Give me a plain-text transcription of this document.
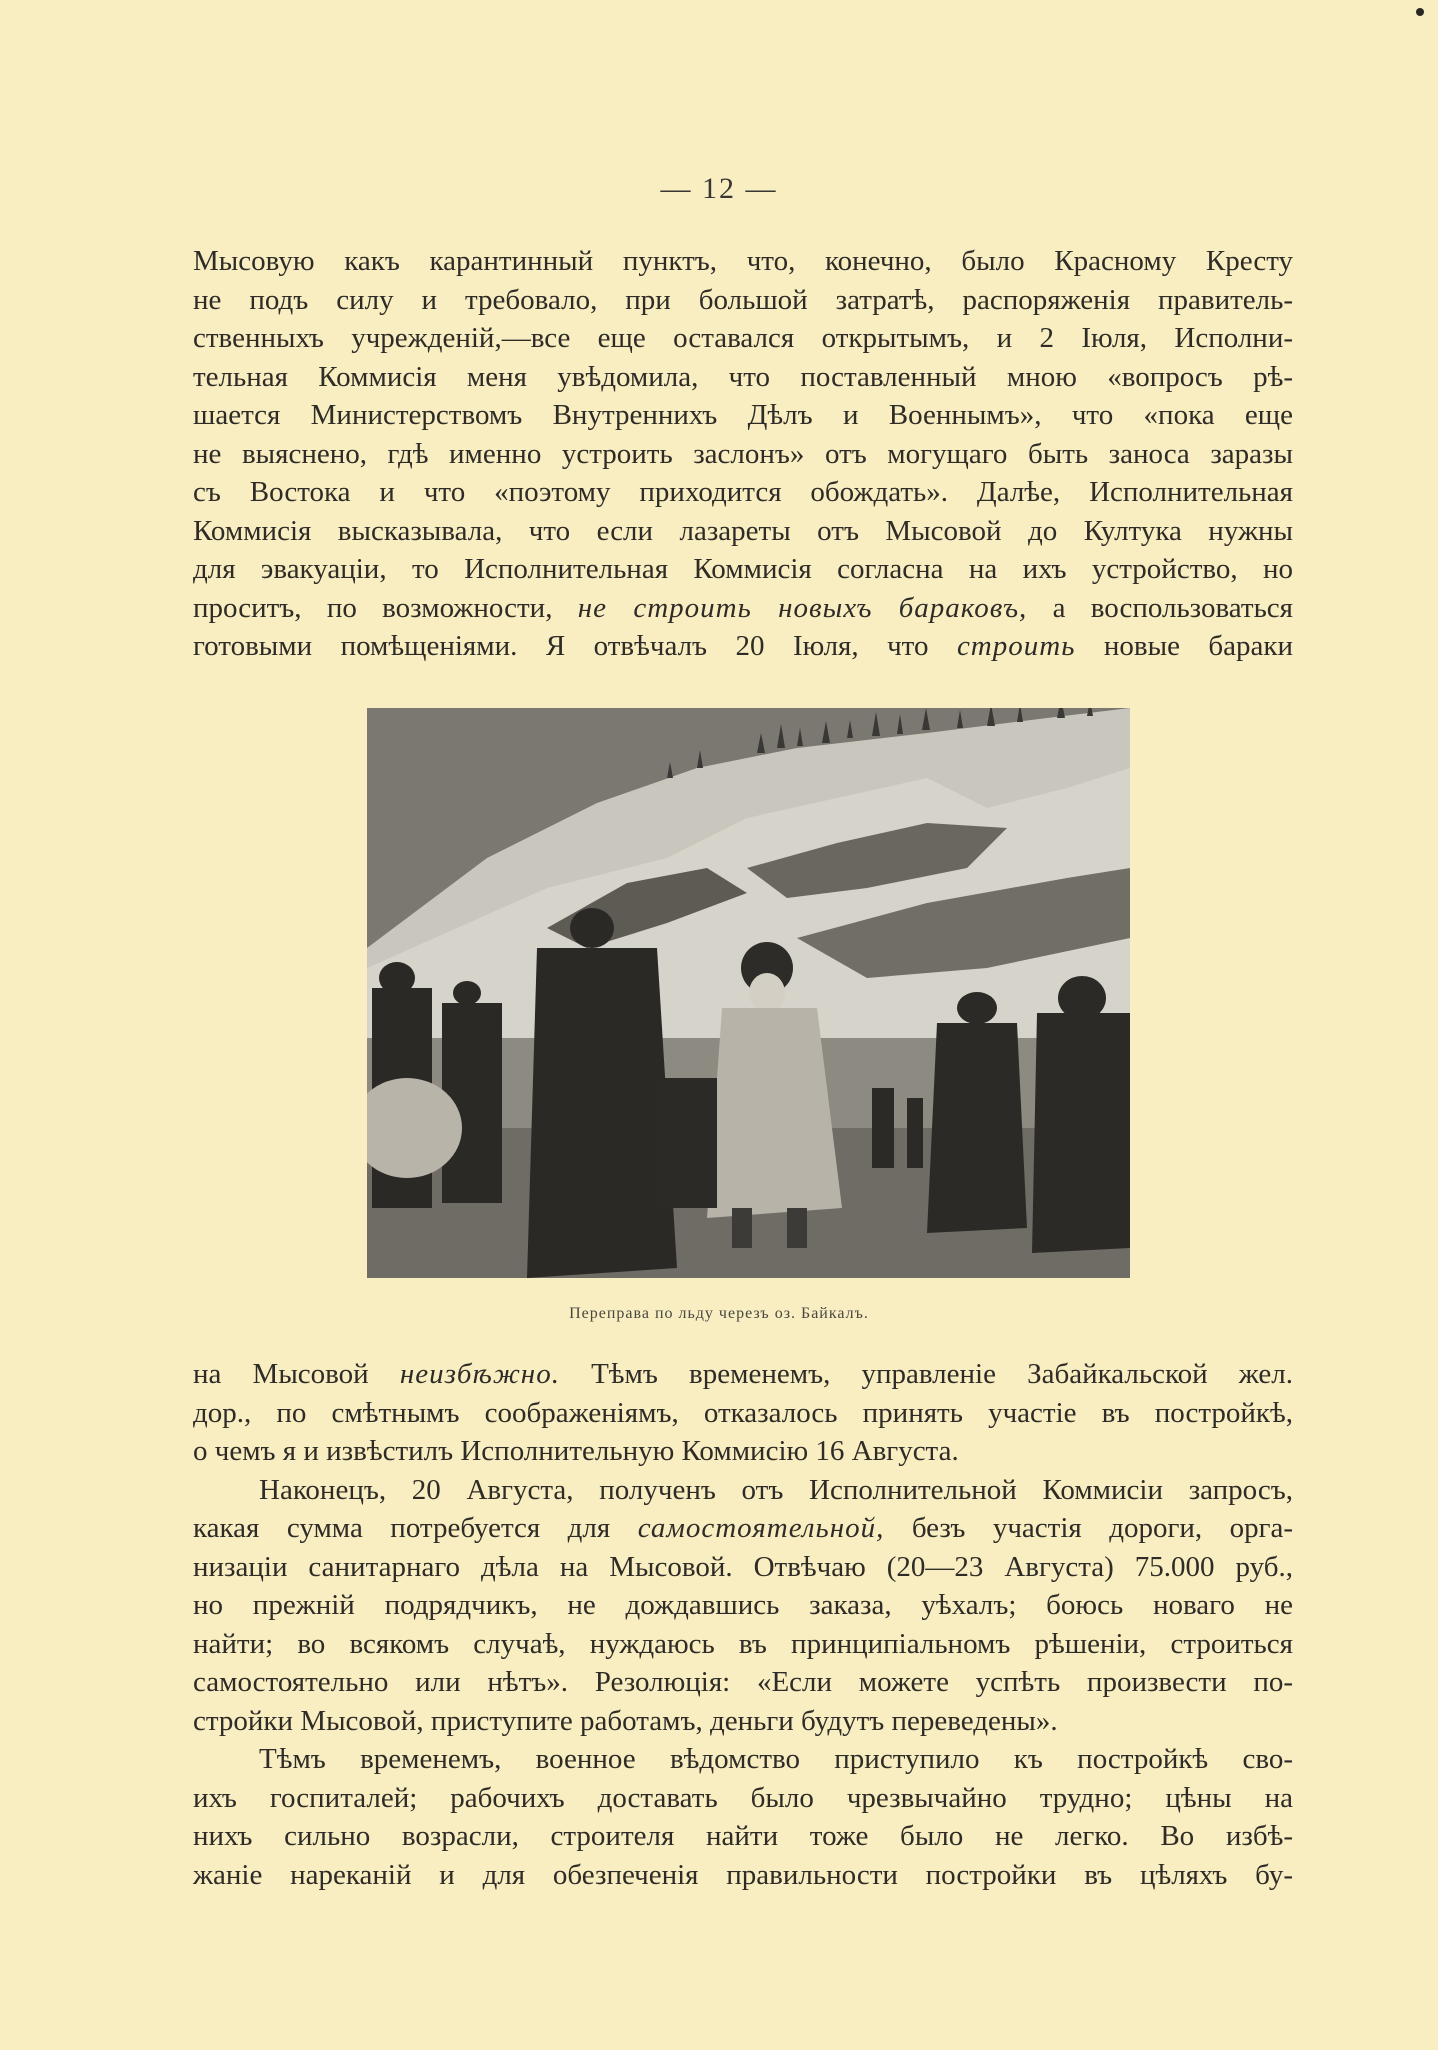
— 12 —
Мысовую какъ карантинный пунктъ, что, конечно, было Красному Кресту
не подъ силу и требовало, при большой затратѣ, распоряженія правитель-
ственныхъ учрежденій,—все еще оставался открытымъ, и 2 Іюля, Исполни-
тельная Коммисія меня увѣдомила, что поставленный мною «вопросъ рѣ-
шается Министерствомъ Внутреннихъ Дѣлъ и Военнымъ», что «пока еще
не выяснено, гдѣ именно устроить заслонъ» отъ могущаго быть заноса заразы
съ Востока и что «поэтому приходится обождать». Далѣе, Исполнительная
Коммисія высказывала, что если лазареты отъ Мысовой до Култука нужны
для эвакуаціи, то Исполнительная Коммисія согласна на ихъ устройство, но
проситъ, по возможности, не строить новыхъ бараковъ, а воспользоваться
готовыми помѣщеніями. Я отвѣчалъ 20 Іюля, что строить новые бараки
Переправа по льду черезъ оз. Байкалъ.
на Мысовой неизбѣжно. Тѣмъ временемъ, управленіе Забайкальской жел.
дор., по смѣтнымъ соображеніямъ, отказалось принять участіе въ постройкѣ,
о чемъ я и извѣстилъ Исполнительную Коммисію 16 Августа.
Наконецъ, 20 Августа, полученъ отъ Исполнительной Коммисіи запросъ,
какая сумма потребуется для самостоятельной, безъ участія дороги, орга-
низаціи санитарнаго дѣла на Мысовой. Отвѣчаю (20—23 Августа) 75.000 руб.,
но прежній подрядчикъ, не дождавшись заказа, уѣхалъ; боюсь новаго не
найти; во всякомъ случаѣ, нуждаюсь въ принципіальномъ рѣшеніи, строиться
самостоятельно или нѣтъ». Резолюція: «Если можете успѣть произвести по-
стройки Мысовой, приступите работамъ, деньги будутъ переведены».
Тѣмъ временемъ, военное вѣдомство приступило къ постройкѣ сво-
ихъ госпиталей; рабочихъ доставать было чрезвычайно трудно; цѣны на
нихъ сильно возрасли, строителя найти тоже было не легко. Во избѣ-
жаніе нареканій и для обезпеченія правильности постройки въ цѣляхъ бу-
